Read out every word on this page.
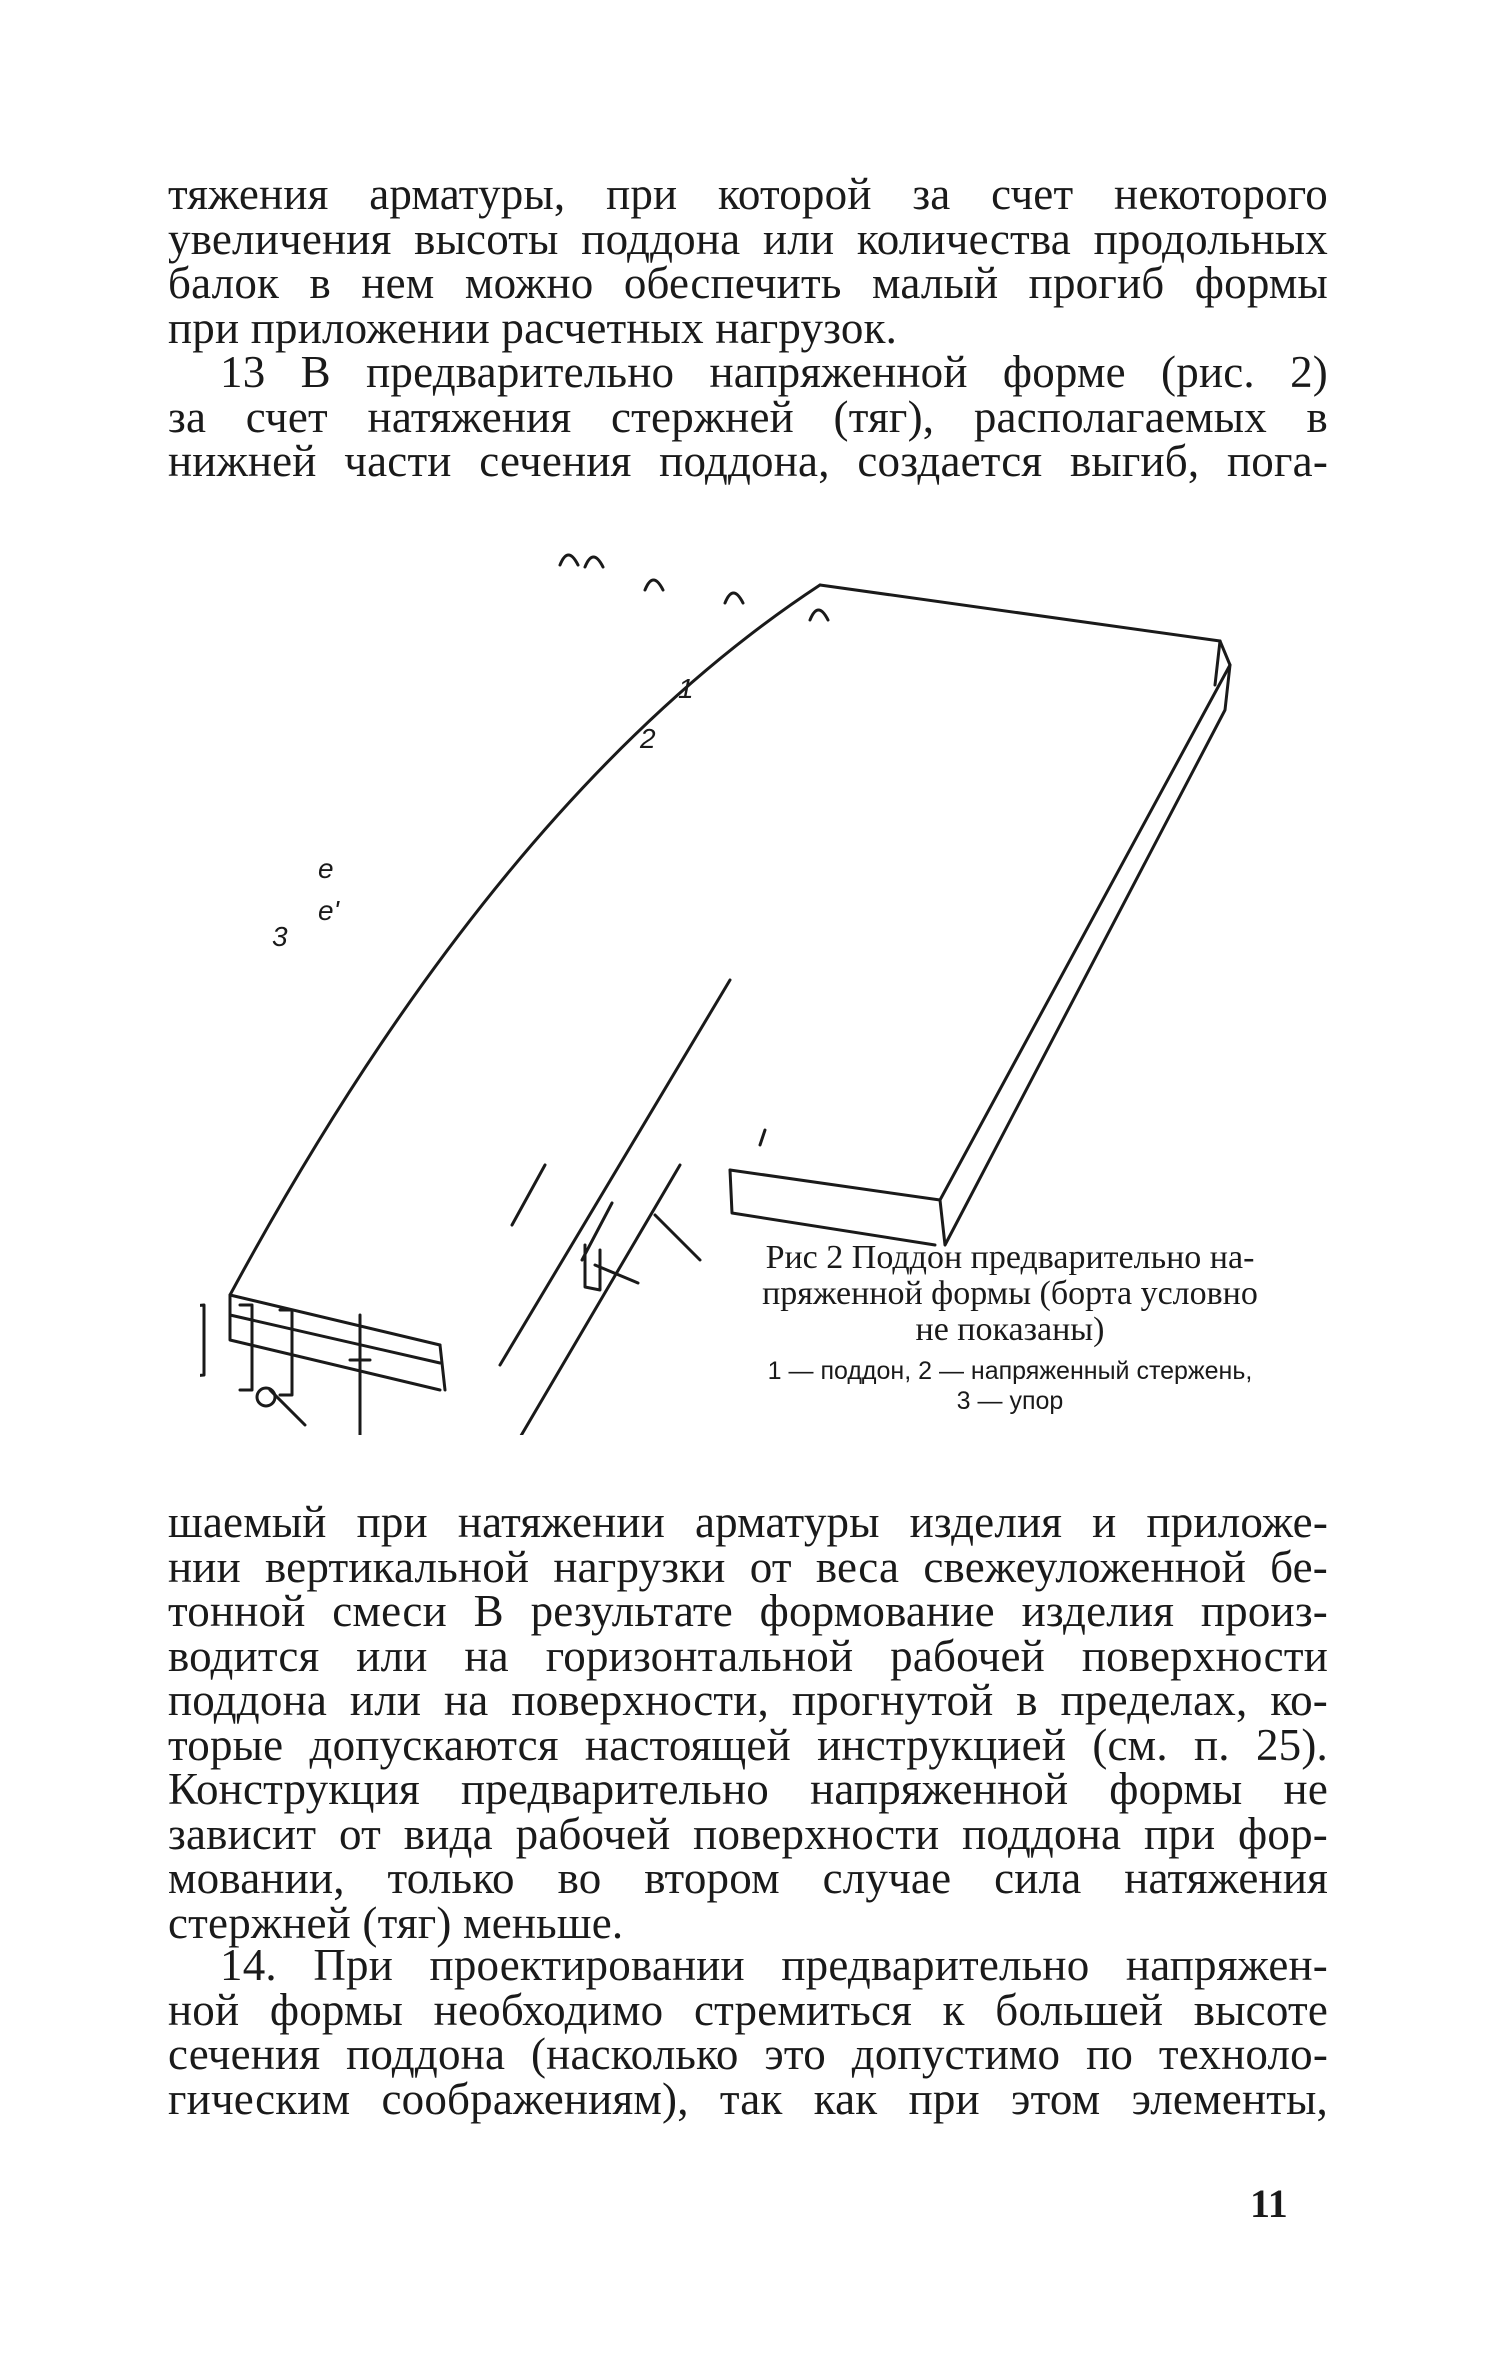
тяжения арматуры, при которой за счет некоторого
увеличения высоты поддона или количества продольных
балок в нем можно обеспечить малый прогиб формы
при приложении расчетных нагрузок.
13 В предварительно напряженной форме (рис. 2)
за счет натяжения стержней (тяг), располагаемых в
нижней части сечения поддона, создается выгиб, пога-
1
2
3
e
e'
Рис 2 Поддон предварительно на-
пряженной формы (борта условно
не показаны)
1 — поддон, 2 — напряженный стержень,
3 — упор
шаемый при натяжении арматуры изделия и приложе-
нии вертикальной нагрузки от веса свежеуложенной бе-
тонной смеси В результате формование изделия произ-
водится или на горизонтальной рабочей поверхности
поддона или на поверхности, прогнутой в пределах, ко-
торые допускаются настоящей инструкцией (см. п. 25).
Конструкция предварительно напряженной формы не
зависит от вида рабочей поверхности поддона при фор-
мовании, только во втором случае сила натяжения
стержней (тяг) меньше.
14. При проектировании предварительно напряжен-
ной формы необходимо стремиться к большей высоте
сечения поддона (насколько это допустимо по техноло-
гическим соображениям), так как при этом элементы,
11
